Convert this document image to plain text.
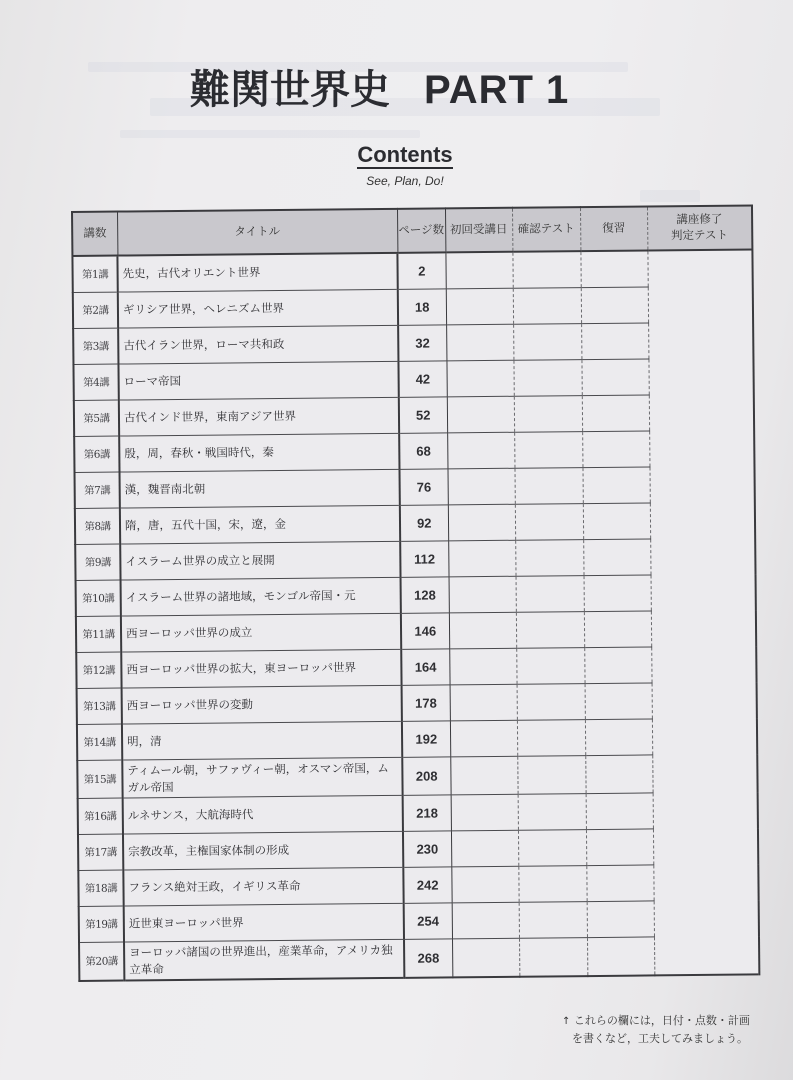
難関世界史 PART 1
Contents
See, Plan, Do!
講数	タイトル	ページ数	初回受講日	確認テスト	復習	講座修了
判定テスト

第1講	先史，古代オリエント世界	2				
第2講	ギリシア世界，ヘレニズム世界	18				
第3講	古代イラン世界，ローマ共和政	32				
第4講	ローマ帝国	42				
第5講	古代インド世界，東南アジア世界	52				
第6講	殷，周，春秋・戦国時代，秦	68				
第7講	漢，魏晋南北朝	76				
第8講	隋，唐，五代十国，宋，遼，金	92				
第9講	イスラーム世界の成立と展開	112				
第10講	イスラーム世界の諸地域，モンゴル帝国・元	128				
第11講	西ヨーロッパ世界の成立	146				
第12講	西ヨーロッパ世界の拡大，東ヨーロッパ世界	164				
第13講	西ヨーロッパ世界の変動	178				
第14講	明，清	192				
第15講	ティムール朝，サファヴィー朝，オスマン帝国，ムガル帝国	208				
第16講	ルネサンス，大航海時代	218				
第17講	宗教改革，主権国家体制の形成	230				
第18講	フランス絶対王政，イギリス革命	242				
第19講	近世東ヨーロッパ世界	254				
第20講	ヨーロッパ諸国の世界進出，産業革命，アメリカ独立革命	268				
↑ これらの欄には，日付・点数・計画
を書くなど，工夫してみましょう。
